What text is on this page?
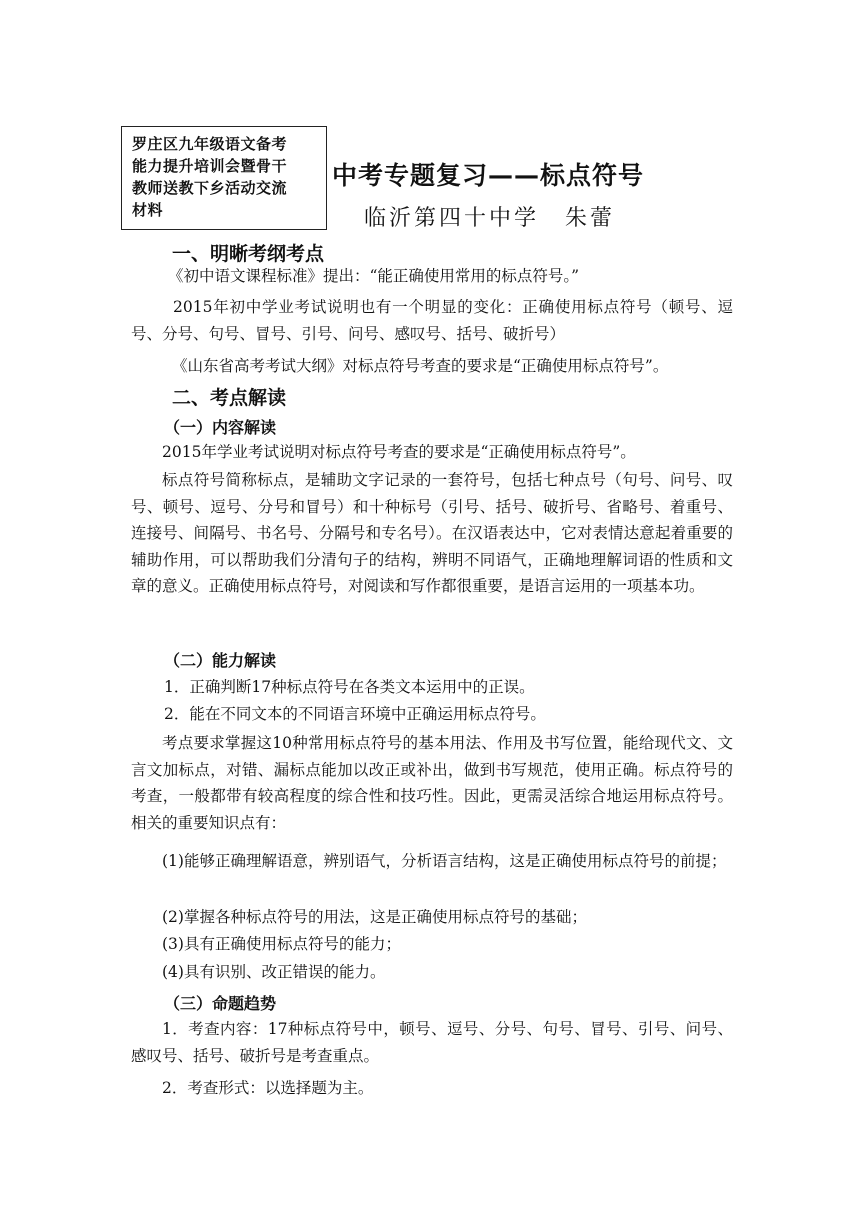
罗庄区九年级语文备考
能力提升培训会暨骨干
教师送教下乡活动交流
材料
中考专题复习——标点符号
临沂第四十中学 朱蕾
一、明晰考纲考点
《初中语文课程标准》提出：“能正确使用常用的标点符号。”
2015年初中学业考试说明也有一个明显的变化：正确使用标点符号（顿号、逗号、分号、句号、冒号、引号、问号、感叹号、括号、破折号）
《山东省高考考试大纲》对标点符号考查的要求是“正确使用标点符号”。
二、考点解读
（一）内容解读
2015年学业考试说明对标点符号考查的要求是“正确使用标点符号”。
标点符号简称标点，是辅助文字记录的一套符号，包括七种点号（句号、问号、叹号、顿号、逗号、分号和冒号）和十种标号（引号、括号、破折号、省略号、着重号、连接号、间隔号、书名号、分隔号和专名号）。在汉语表达中，它对表情达意起着重要的辅助作用，可以帮助我们分清句子的结构，辨明不同语气，正确地理解词语的性质和文章的意义。正确使用标点符号，对阅读和写作都很重要，是语言运用的一项基本功。
（二）能力解读
1．正确判断17种标点符号在各类文本运用中的正误。
2．能在不同文本的不同语言环境中正确运用标点符号。
考点要求掌握这10种常用标点符号的基本用法、作用及书写位置，能给现代文、文言文加标点，对错、漏标点能加以改正或补出，做到书写规范，使用正确。标点符号的考查，一般都带有较高程度的综合性和技巧性。因此，更需灵活综合地运用标点符号。相关的重要知识点有：
(1)能够正确理解语意，辨别语气，分析语言结构，这是正确使用标点符号的前提；
(2)掌握各种标点符号的用法，这是正确使用标点符号的基础；
(3)具有正确使用标点符号的能力；
(4)具有识别、改正错误的能力。
（三）命题趋势
1．考查内容：17种标点符号中，顿号、逗号、分号、句号、冒号、引号、问号、感叹号、括号、破折号是考查重点。
2．考查形式：以选择题为主。
